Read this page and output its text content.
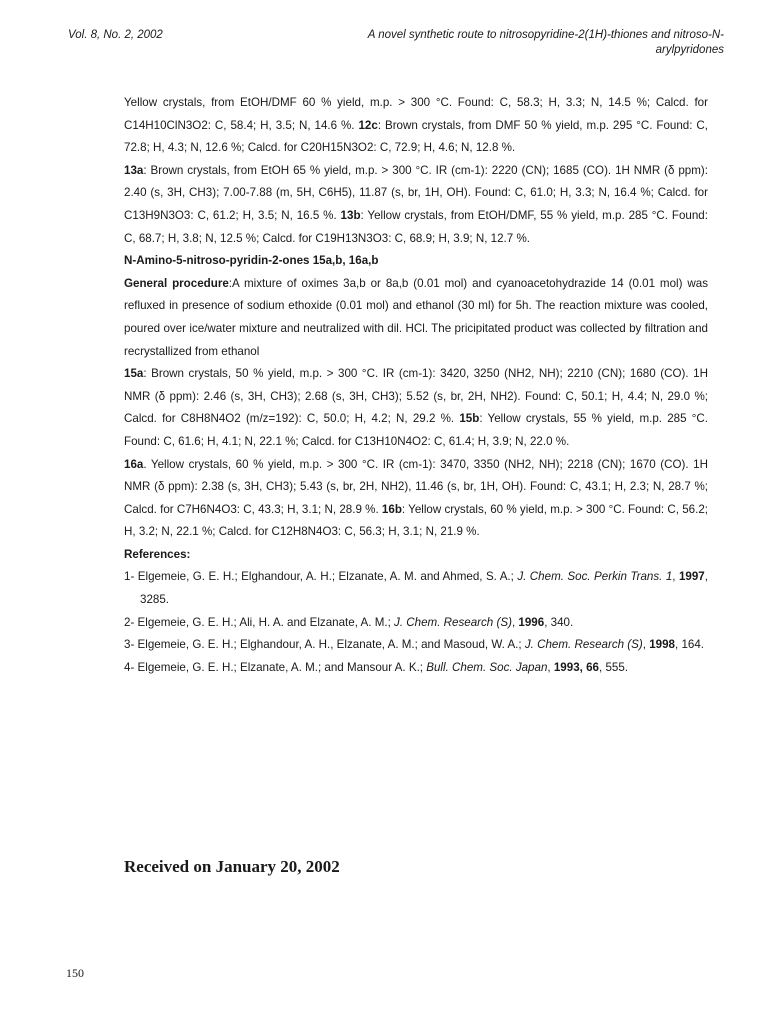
Vol. 8, No. 2, 2002	A novel synthetic route to nitrosopyridine-2(1H)-thiones and nitroso-N-arylpyridones

Yellow crystals, from EtOH/DMF 60 % yield, m.p. > 300 °C. Found: C, 58.3; H, 3.3; N, 14.5 %; Calcd. for C14H10ClN3O2: C, 58.4; H, 3.5; N, 14.6 %. 12c: Brown crystals, from DMF 50 % yield, m.p. 295 °C. Found: C, 72.8; H, 4.3; N, 12.6 %; Calcd. for C20H15N3O2: C, 72.9; H, 4.6; N, 12.8 %.

13a: Brown crystals, from EtOH 65 % yield, m.p. > 300 °C. IR (cm-1): 2220 (CN); 1685 (CO). 1H NMR (δ ppm): 2.40 (s, 3H, CH3); 7.00-7.88 (m, 5H, C6H5), 11.87 (s, br, 1H, OH). Found: C, 61.0; H, 3.3; N, 16.4 %; Calcd. for C13H9N3O3: C, 61.2; H, 3.5; N, 16.5 %. 13b: Yellow crystals, from EtOH/DMF, 55 % yield, m.p. 285 °C. Found: C, 68.7; H, 3.8; N, 12.5 %; Calcd. for C19H13N3O3: C, 68.9; H, 3.9; N, 12.7 %.

N-Amino-5-nitroso-pyridin-2-ones 15a,b, 16a,b

General procedure:A mixture of oximes 3a,b or 8a,b (0.01 mol) and cyanoacetohydrazide 14 (0.01 mol) was refluxed in presence of sodium ethoxide (0.01 mol) and ethanol (30 ml) for 5h. The reaction mixture was cooled, poured over ice/water mixture and neutralized with dil. HCl. The pricipitated product was collected by filtration and recrystallized from ethanol

15a: Brown crystals, 50 % yield, m.p. > 300 °C. IR (cm-1): 3420, 3250 (NH2, NH); 2210 (CN); 1680 (CO). 1H NMR (δ ppm): 2.46 (s, 3H, CH3); 2.68 (s, 3H, CH3); 5.52 (s, br, 2H, NH2). Found: C, 50.1; H, 4.4; N, 29.0 %; Calcd. for C8H8N4O2 (m/z=192): C, 50.0; H, 4.2; N, 29.2 %. 15b: Yellow crystals, 55 % yield, m.p. 285 °C. Found: C, 61.6; H, 4.1; N, 22.1 %; Calcd. for C13H10N4O2: C, 61.4; H, 3.9; N, 22.0 %.

16a. Yellow crystals, 60 % yield, m.p. > 300 °C. IR (cm-1): 3470, 3350 (NH2, NH); 2218 (CN); 1670 (CO). 1H NMR (δ ppm): 2.38 (s, 3H, CH3); 5.43 (s, br, 2H, NH2), 11.46 (s, br, 1H, OH). Found: C, 43.1; H, 2.3; N, 28.7 %; Calcd. for C7H6N4O3: C, 43.3; H, 3.1; N, 28.9 %. 16b: Yellow crystals, 60 % yield, m.p. > 300 °C. Found: C, 56.2; H, 3.2; N, 22.1 %; Calcd. for C12H8N4O3: C, 56.3; H, 3.1; N, 21.9 %.

References:

1- Elgemeie, G. E. H.; Elghandour, A. H.; Elzanate, A. M. and Ahmed, S. A.; J. Chem. Soc. Perkin Trans. 1, 1997, 3285.

2- Elgemeie, G. E. H.; Ali, H. A. and Elzanate, A. M.; J. Chem. Research (S), 1996, 340.

3- Elgemeie, G. E. H.; Elghandour, A. H., Elzanate, A. M.; and Masoud, W. A.; J. Chem. Research (S), 1998, 164.

4- Elgemeie, G. E. H.; Elzanate, A. M.; and Mansour A. K.; Bull. Chem. Soc. Japan, 1993, 66, 555.

Received on January 20, 2002
150
